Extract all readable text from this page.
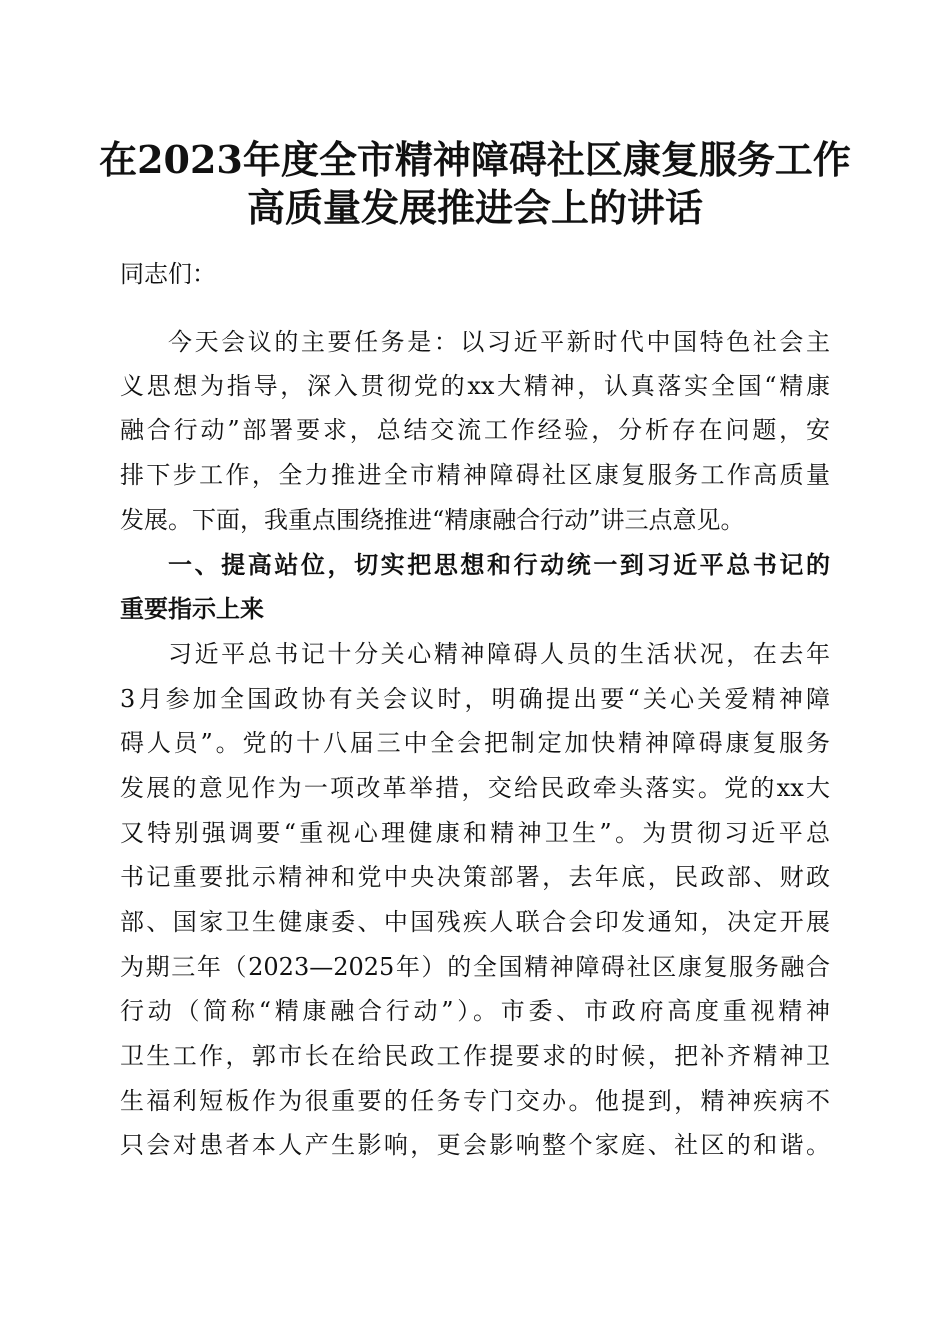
在2023年度全市精神障碍社区康复服务工作
高质量发展推进会上的讲话

同志们：

今天会议的主要任务是：以习近平新时代中国特色社会主

义思想为指导，深入贯彻党的xx大精神，认真落实全国“精康

融合行动”部署要求，总结交流工作经验，分析存在问题，安

排下步工作，全力推进全市精神障碍社区康复服务工作高质量

发展。下面，我重点围绕推进“精康融合行动”讲三点意见。

一、提高站位，切实把思想和行动统一到习近平总书记的

重要指示上来

习近平总书记十分关心精神障碍人员的生活状况，在去年

3月参加全国政协有关会议时，明确提出要“关心关爱精神障

碍人员”。党的十八届三中全会把制定加快精神障碍康复服务

发展的意见作为一项改革举措，交给民政牵头落实。党的xx大

又特别强调要“重视心理健康和精神卫生”。为贯彻习近平总

书记重要批示精神和党中央决策部署，去年底，民政部、财政

部、国家卫生健康委、中国残疾人联合会印发通知，决定开展

为期三年（2023—2025年）的全国精神障碍社区康复服务融合

行动（简称“精康融合行动”）。市委、市政府高度重视精神

卫生工作，郭市长在给民政工作提要求的时候，把补齐精神卫

生福利短板作为很重要的任务专门交办。他提到，精神疾病不

只会对患者本人产生影响，更会影响整个家庭、社区的和谐。
